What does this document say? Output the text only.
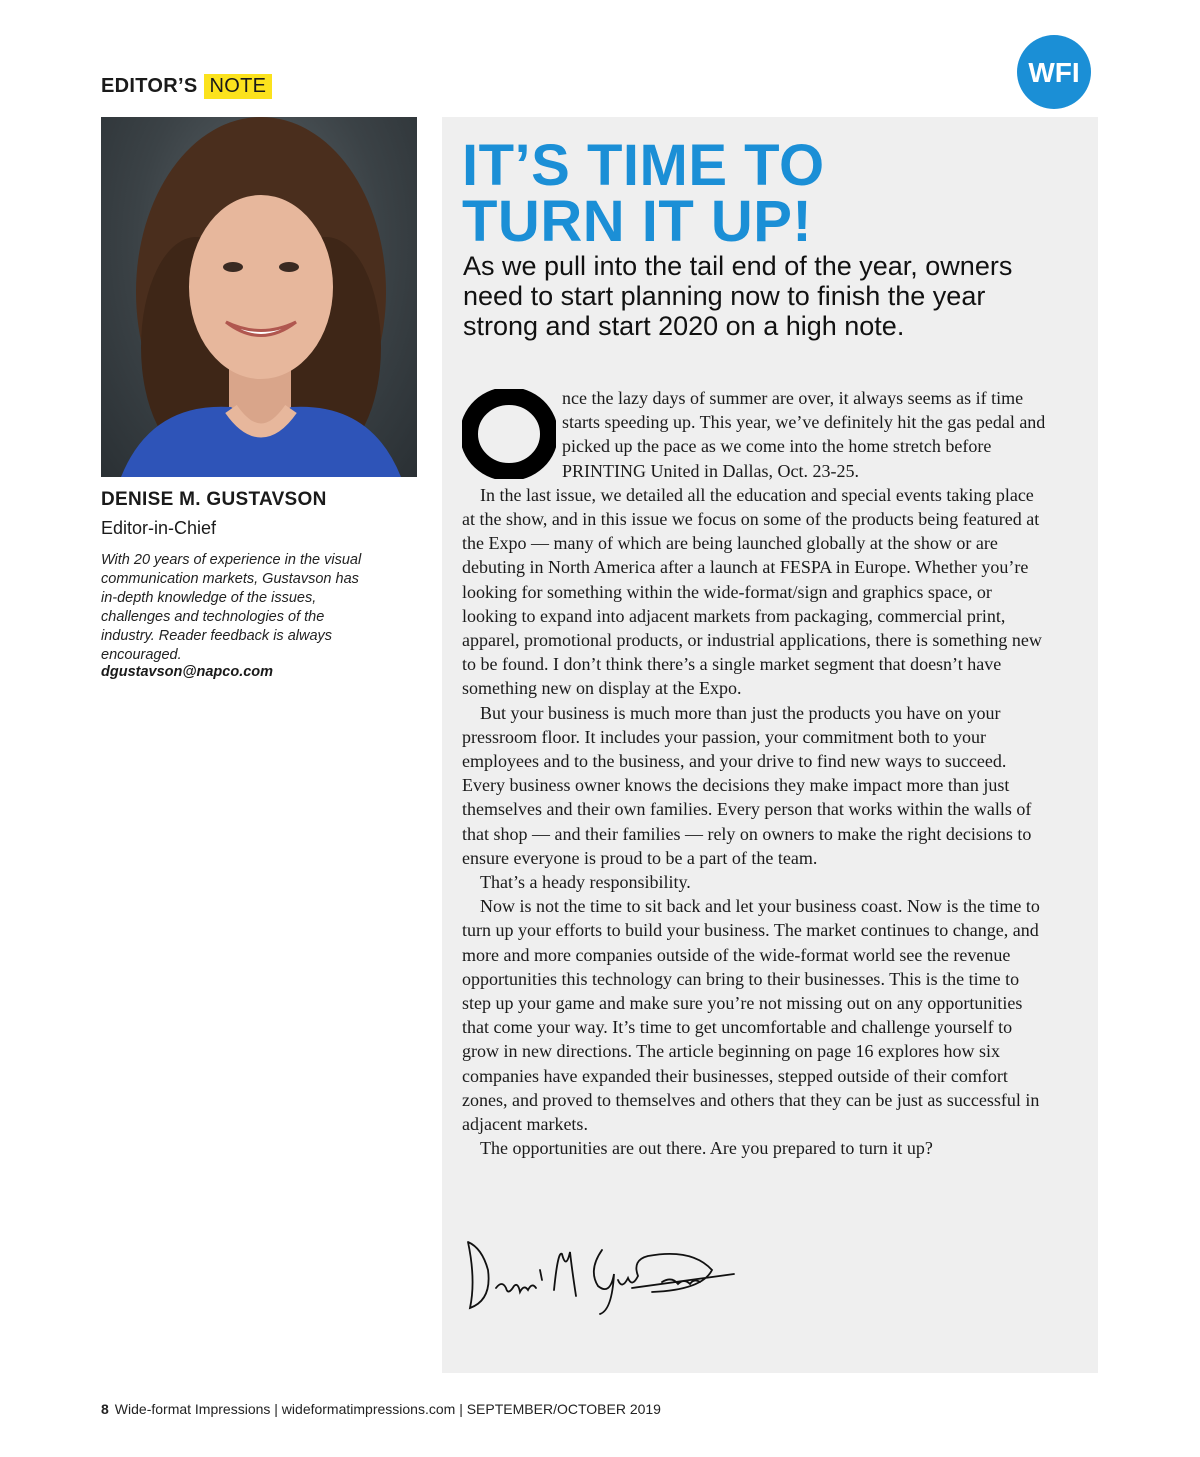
EDITOR’S NOTE	WFI
DENISE M. GUSTAVSON
Editor-in-Chief
With 20 years of experience in the visual communication markets, Gustavson has in-depth knowledge of the issues, challenges and technologies of the industry. Reader feedback is always encouraged.
dgustavson@napco.com
IT’S TIME TO
TURN IT UP!
As we pull into the tail end of the year, owners need to start planning now to finish the year strong and start 2020 on a high note.

nce the lazy days of summer are over, it always seems as if time starts speeding up. This year, we’ve definitely hit the gas pedal and picked up the pace as we come into the home stretch before PRINTING United in Dallas, Oct. 23-25.

In the last issue, we detailed all the education and special events taking place at the show, and in this issue we focus on some of the products being featured at the Expo — many of which are being launched globally at the show or are debuting in North America after a launch at FESPA in Europe. Whether you’re looking for something within the wide-format/sign and graphics space, or looking to expand into adjacent markets from packaging, commercial print, apparel, promotional products, or industrial applications, there is something new to be found. I don’t think there’s a single market segment that doesn’t have something new on display at the Expo.

But your business is much more than just the products you have on your pressroom floor. It includes your passion, your commitment both to your employees and to the business, and your drive to find new ways to succeed. Every business owner knows the decisions they make impact more than just themselves and their own families. Every person that works within the walls of that shop — and their families — rely on owners to make the right decisions to ensure everyone is proud to be a part of the team.

That’s a heady responsibility.

Now is not the time to sit back and let your business coast. Now is the time to turn up your efforts to build your business. The market continues to change, and more and more companies outside of the wide-format world see the revenue opportunities this technology can bring to their businesses. This is the time to step up your game and make sure you’re not missing out on any opportunities that come your way. It’s time to get uncomfortable and challenge yourself to grow in new directions. The article beginning on page 16 explores how six companies have expanded their businesses, stepped outside of their comfort zones, and proved to themselves and others that they can be just as successful in adjacent markets.

The opportunities are out there. Are you prepared to turn it up?

8 Wide-format Impressions | wideformatimpressions.com | SEPTEMBER/OCTOBER 2019
